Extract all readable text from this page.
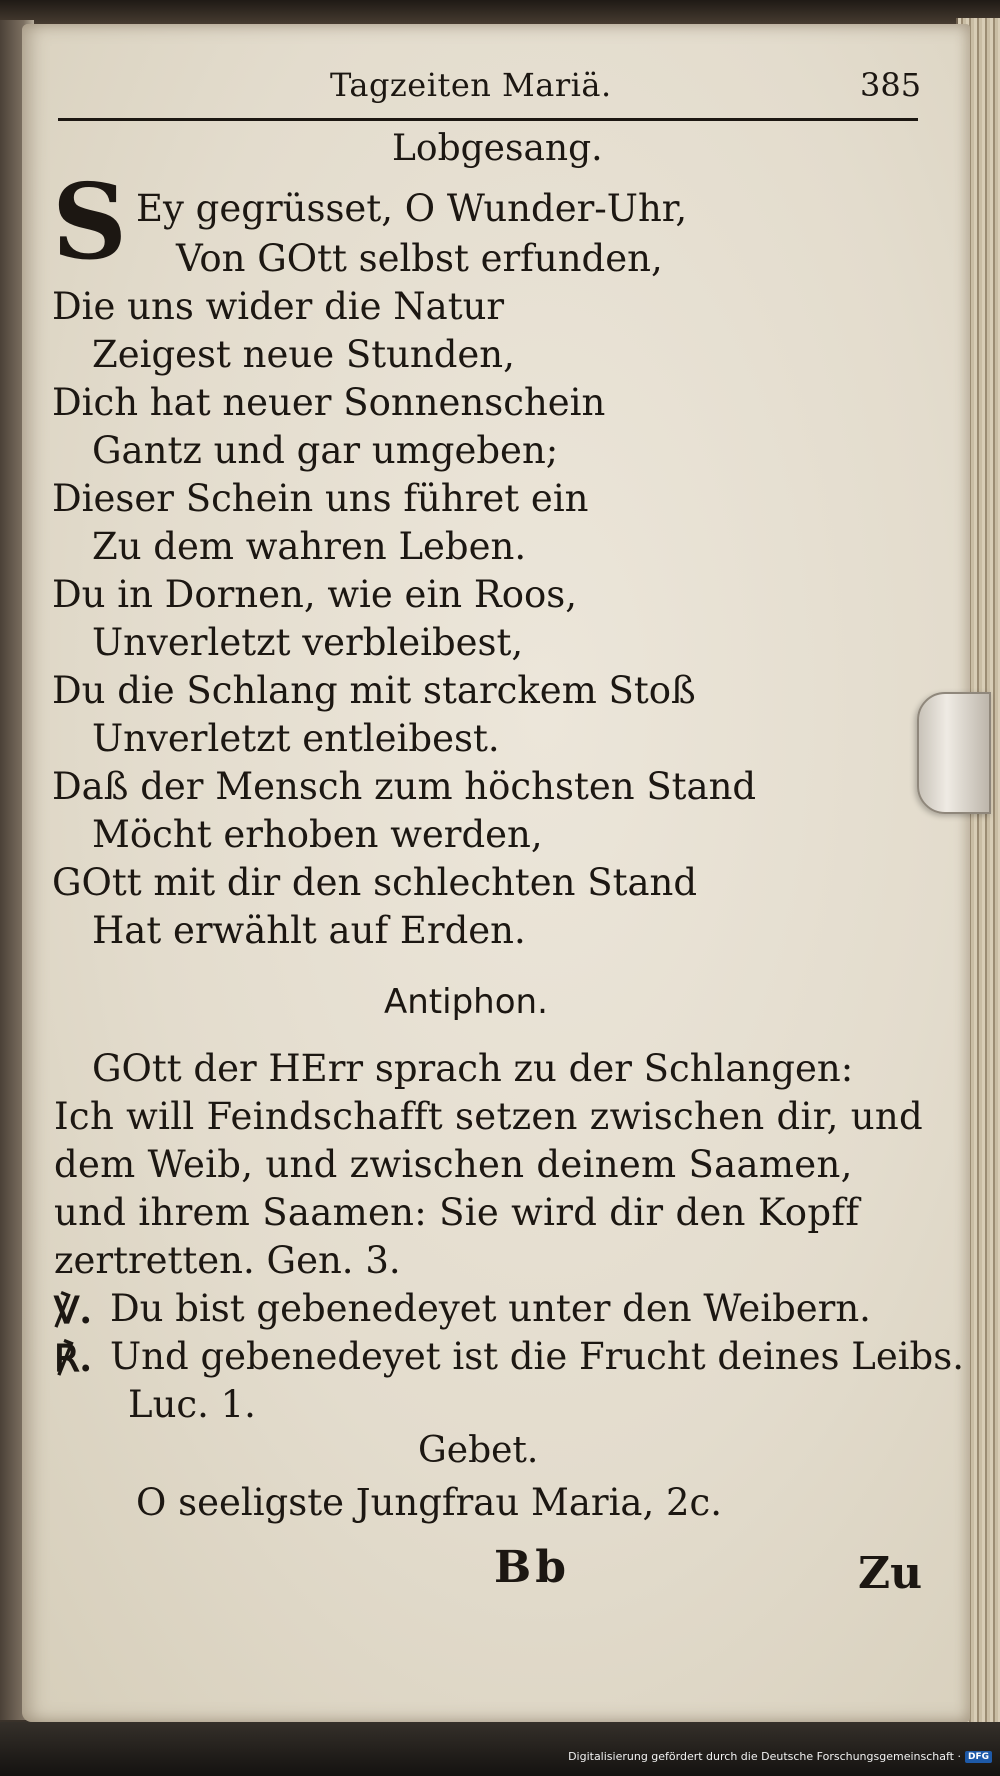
Tagzeiten Mariä.	385
Lobgesang.
S Ey gegrüsset, O Wunder-Uhr,
Von GOtt selbst erfunden,
Die uns wider die Natur
Zeigest neue Stunden,
Dich hat neuer Sonnenschein
Gantz und gar umgeben;
Dieser Schein uns führet ein
Zu dem wahren Leben.
Du in Dornen, wie ein Roos,
Unverletzt verbleibest,
Du die Schlang mit starckem Stoß
Unverletzt entleibest.
Daß der Mensch zum höchsten Stand
Möcht erhoben werden,
GOtt mit dir den schlechten Stand
Hat erwählt auf Erden.
Antiphon.
GOtt der HErr sprach zu der Schlangen:
Ich will Feindschafft setzen zwischen dir, und
dem Weib, und zwischen deinem Saamen,
und ihrem Saamen: Sie wird dir den Kopff
zertretten. Gen. 3.
℣. Du bist gebenedeyet unter den Weibern.
℟. Und gebenedeyet ist die Frucht deines Leibs.
Luc. 1.
Gebet.
O seeligste Jungfrau Maria, 2c.
Bb	Zu
Digitalisierung gefördert durch die Deutsche Forschungsgemeinschaft · DFG
